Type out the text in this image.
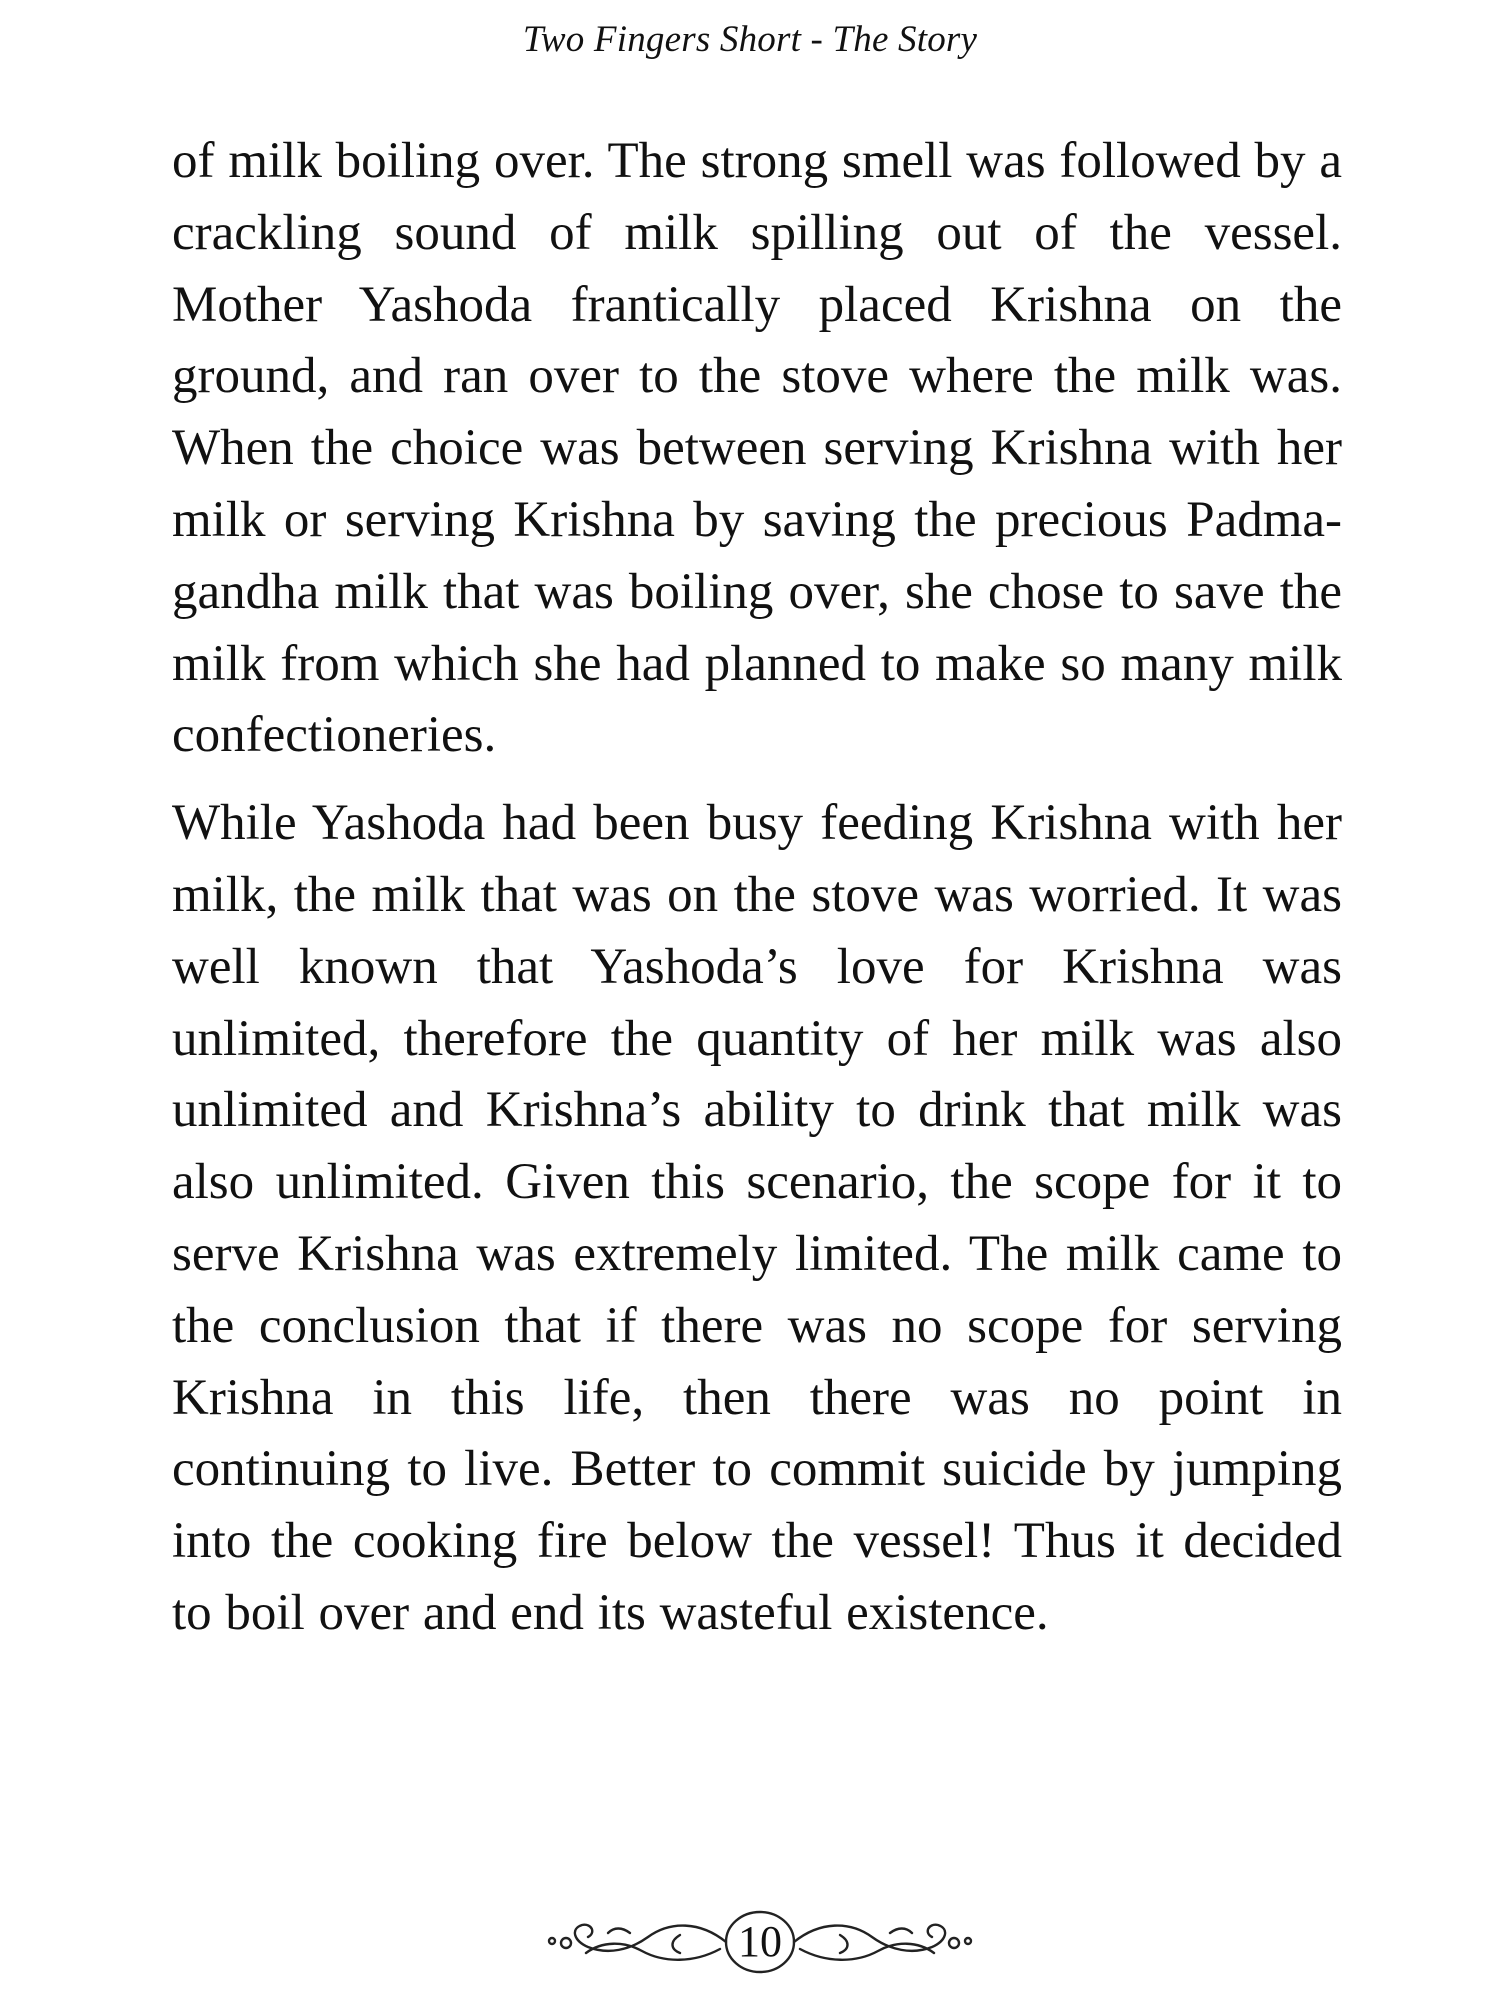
Two Fingers Short - The Story

of milk boiling over. The strong smell was followed by a crackling sound of milk spilling out of the vessel. Mother Yashoda frantically placed Krishna on the ground, and ran over to the stove where the milk was. When the choice was between serving Krishna with her milk or serving Krishna by saving the precious Padma-gandha milk that was boiling over, she chose to save the milk from which she had planned to make so many milk confectioneries.

While Yashoda had been busy feeding Krishna with her milk, the milk that was on the stove was worried. It was well known that Yashoda’s love for Krishna was unlimited, therefore the quantity of her milk was also unlimited and Krishna’s ability to drink that milk was also unlimited. Given this scenario, the scope for it to serve Krishna was extremely limited. The milk came to the conclusion that if there was no scope for serving Krishna in this life, then there was no point in continuing to live. Better to commit suicide by jumping into the cooking fire below the vessel! Thus it decided to boil over and end its wasteful existence.

10
